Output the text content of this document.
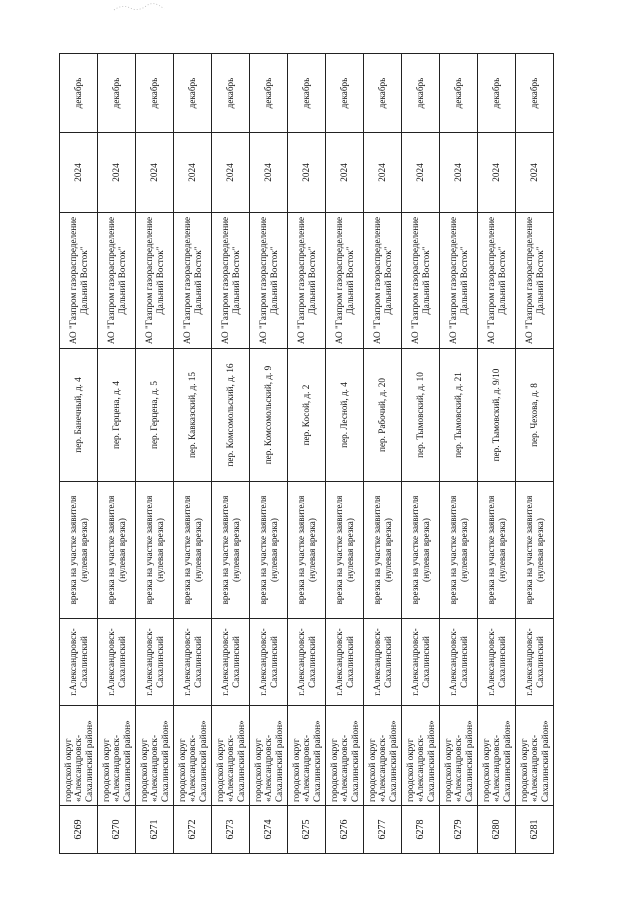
6269	городской округ «Александровск-Сахалинский район»	г.Александровск-Сахалинский	врезка на участке заявителя (нулевая врезка)	пер. Банечный, д. 4	АО "Газпром газораспределение Дальний Восток"	2024	декабрь
6270	городской округ «Александровск-Сахалинский район»	г.Александровск-Сахалинский	врезка на участке заявителя (нулевая врезка)	пер. Герцена, д. 4	АО "Газпром газораспределение Дальний Восток"	2024	декабрь
6271	городской округ «Александровск-Сахалинский район»	г.Александровск-Сахалинский	врезка на участке заявителя (нулевая врезка)	пер. Герцена, д. 5	АО "Газпром газораспределение Дальний Восток"	2024	декабрь
6272	городской округ «Александровск-Сахалинский район»	г.Александровск-Сахалинский	врезка на участке заявителя (нулевая врезка)	пер. Кавказский, д. 15	АО "Газпром газораспределение Дальний Восток"	2024	декабрь
6273	городской округ «Александровск-Сахалинский район»	г.Александровск-Сахалинский	врезка на участке заявителя (нулевая врезка)	пер. Комсомольский, д. 16	АО "Газпром газораспределение Дальний Восток"	2024	декабрь
6274	городской округ «Александровск-Сахалинский район»	г.Александровск-Сахалинский	врезка на участке заявителя (нулевая врезка)	пер. Комсомольский, д. 9	АО "Газпром газораспределение Дальний Восток"	2024	декабрь
6275	городской округ «Александровск-Сахалинский район»	г.Александровск-Сахалинский	врезка на участке заявителя (нулевая врезка)	пер. Косой, д. 2	АО "Газпром газораспределение Дальний Восток"	2024	декабрь
6276	городской округ «Александровск-Сахалинский район»	г.Александровск-Сахалинский	врезка на участке заявителя (нулевая врезка)	пер. Лесной, д. 4	АО "Газпром газораспределение Дальний Восток"	2024	декабрь
6277	городской округ «Александровск-Сахалинский район»	г.Александровск-Сахалинский	врезка на участке заявителя (нулевая врезка)	пер. Рабочий, д. 20	АО "Газпром газораспределение Дальний Восток"	2024	декабрь
6278	городской округ «Александровск-Сахалинский район»	г.Александровск-Сахалинский	врезка на участке заявителя (нулевая врезка)	пер. Тымовский, д. 10	АО "Газпром газораспределение Дальний Восток"	2024	декабрь
6279	городской округ «Александровск-Сахалинский район»	г.Александровск-Сахалинский	врезка на участке заявителя (нулевая врезка)	пер. Тымовский, д. 21	АО "Газпром газораспределение Дальний Восток"	2024	декабрь
6280	городской округ «Александровск-Сахалинский район»	г.Александровск-Сахалинский	врезка на участке заявителя (нулевая врезка)	пер. Тымовский, д. 9/10	АО "Газпром газораспределение Дальний Восток"	2024	декабрь
6281	городской округ «Александровск-Сахалинский район»	г.Александровск-Сахалинский	врезка на участке заявителя (нулевая врезка)	пер. Чехова, д. 8	АО "Газпром газораспределение Дальний Восток"	2024	декабрь
